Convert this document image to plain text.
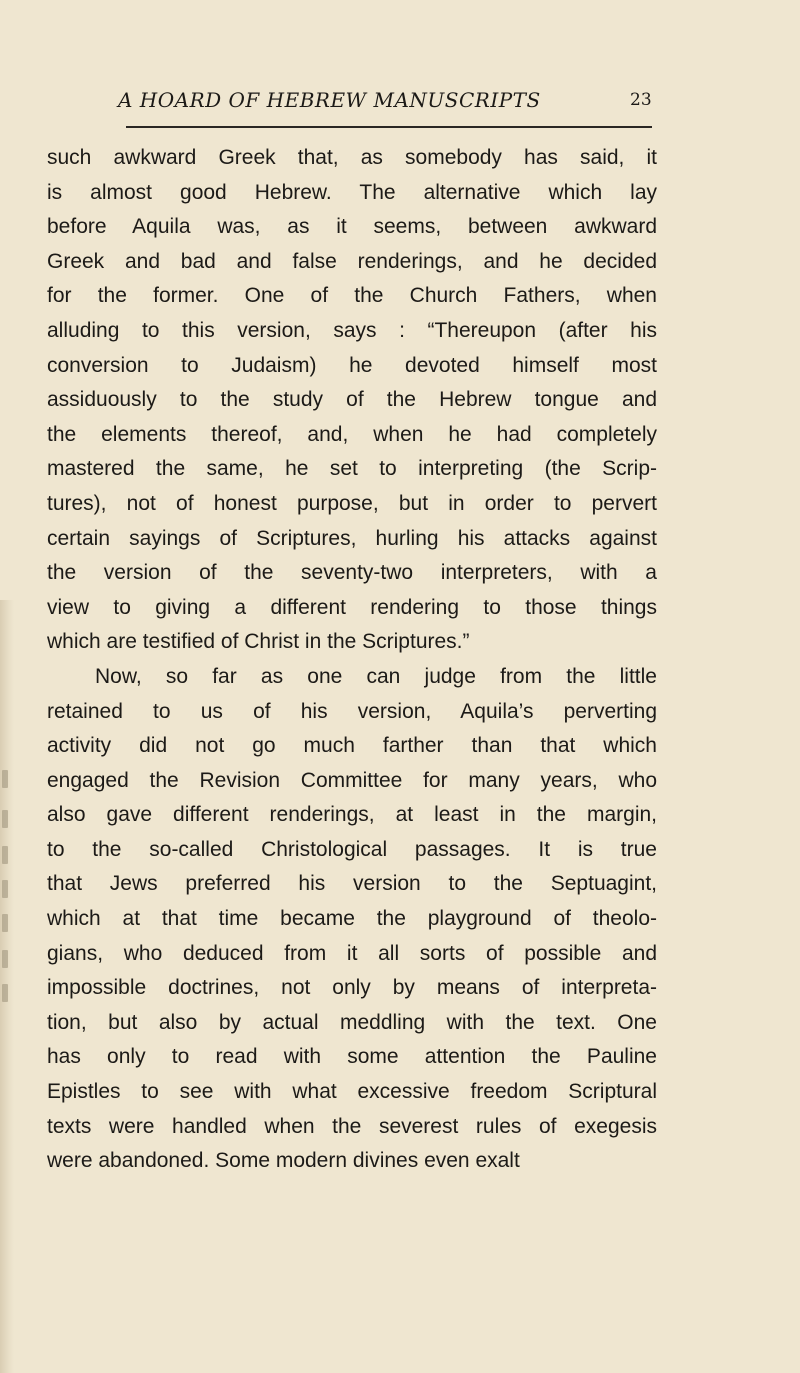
A HOARD OF HEBREW MANUSCRIPTS	23
such awkward Greek that, as somebody has said, it
is almost good Hebrew. The alternative which lay
before Aquila was, as it seems, between awkward
Greek and bad and false renderings, and he decided
for the former. One of the Church Fathers, when
alluding to this version, says : “Thereupon (after his
conversion to Judaism) he devoted himself most
assiduously to the study of the Hebrew tongue and
the elements thereof, and, when he had completely
mastered the same, he set to interpreting (the Scrip-
tures), not of honest purpose, but in order to pervert
certain sayings of Scriptures, hurling his attacks against
the version of the seventy-two interpreters, with a
view to giving a different rendering to those things
which are testified of Christ in the Scriptures.”
Now, so far as one can judge from the little
retained to us of his version, Aquila’s perverting
activity did not go much farther than that which
engaged the Revision Committee for many years, who
also gave different renderings, at least in the margin,
to the so-called Christological passages. It is true
that Jews preferred his version to the Septuagint,
which at that time became the playground of theolo-
gians, who deduced from it all sorts of possible and
impossible doctrines, not only by means of interpreta-
tion, but also by actual meddling with the text. One
has only to read with some attention the Pauline
Epistles to see with what excessive freedom Scriptural
texts were handled when the severest rules of exegesis
were abandoned. Some modern divines even exalt
